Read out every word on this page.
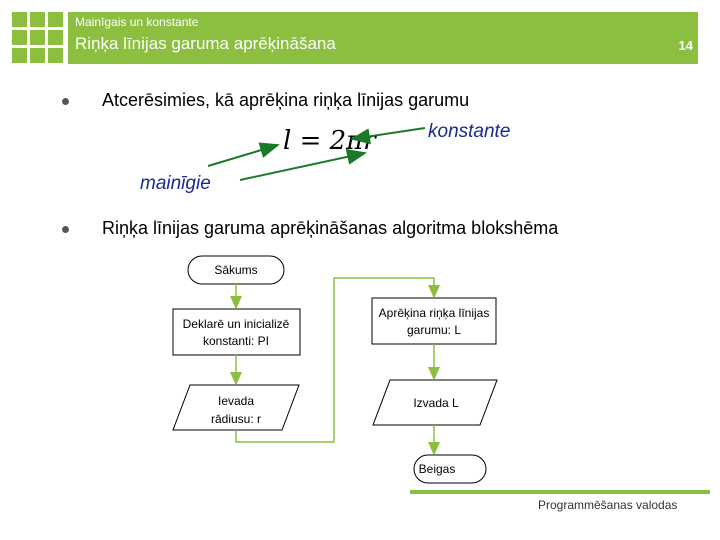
Mainīgais un konstante
Riņķa līnijas garuma aprēķināšana	14
Atcerēsimies, kā aprēķina riņķa līnijas garumu
l = 2πr	konstante
mainīgie
Riņķa līnijas garuma aprēķināšanas algoritma blokshēma
Sākums
Deklarē un inicializē
konstanti: PI
Ievada
rādiusu: r
Aprēķina riņķa līnijas
garumu: L
Izvada L
Beigas
Programmēšanas valodas
